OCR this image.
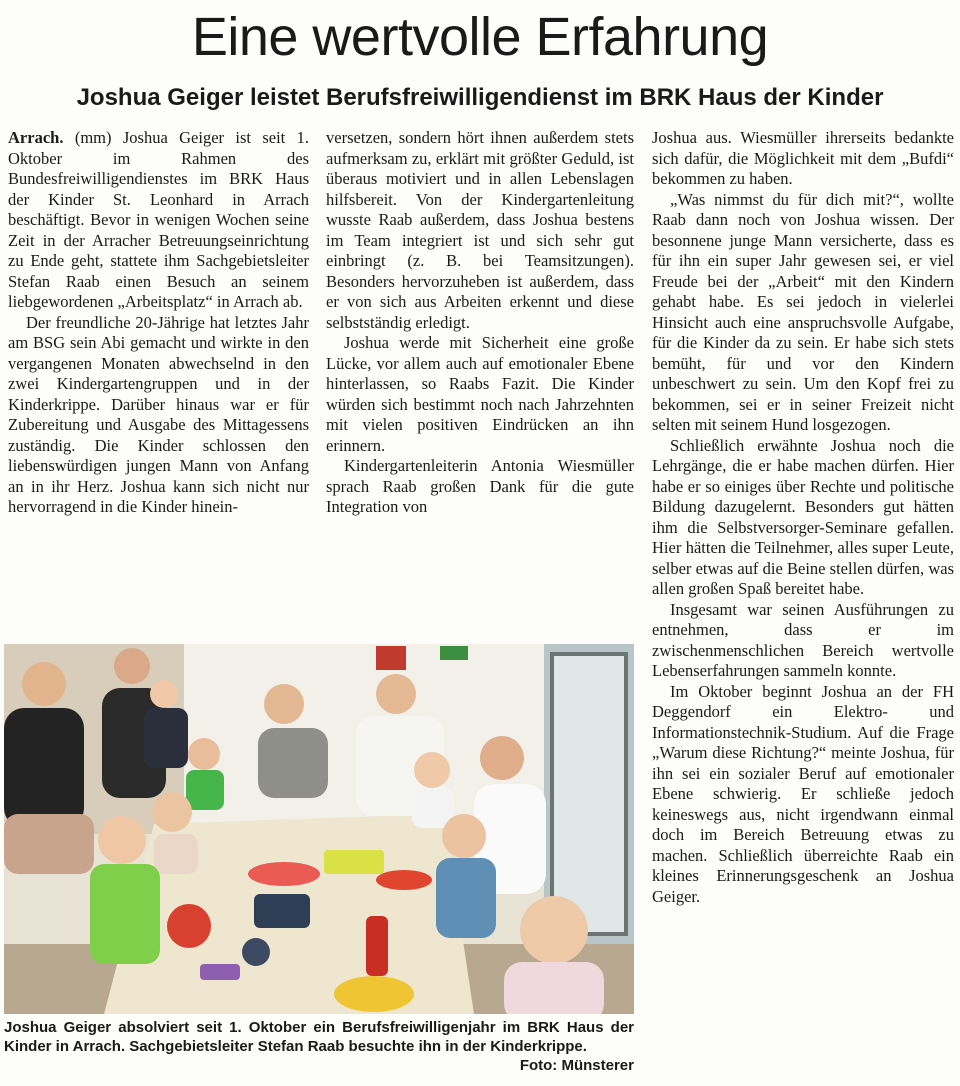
Eine wertvolle Erfahrung
Joshua Geiger leistet Berufsfreiwilligendienst im BRK Haus der Kinder

Arrach. (mm) Joshua Geiger ist seit 1. Oktober im Rahmen des Bundesfreiwilligendienstes im BRK Haus der Kinder St. Leonhard in Arrach beschäftigt. Bevor in wenigen Wochen seine Zeit in der Arracher Betreuungseinrichtung zu Ende geht, stattete ihm Sachgebietsleiter Stefan Raab einen Besuch an seinem liebgewordenen „Arbeitsplatz“ in Arrach ab.

Der freundliche 20-Jährige hat letztes Jahr am BSG sein Abi gemacht und wirkte in den vergangenen Monaten abwechselnd in den zwei Kindergartengruppen und in der Kinderkrippe. Darüber hinaus war er für Zubereitung und Ausgabe des Mittagessens zuständig. Die Kinder schlossen den liebenswürdigen jungen Mann von Anfang an in ihr Herz. Joshua kann sich nicht nur hervorragend in die Kinder hinein-

versetzen, sondern hört ihnen außerdem stets aufmerksam zu, erklärt mit größter Geduld, ist überaus motiviert und in allen Lebenslagen hilfsbereit. Von der Kindergartenleitung wusste Raab außerdem, dass Joshua bestens im Team integriert ist und sich sehr gut einbringt (z. B. bei Teamsitzungen). Besonders hervorzuheben ist außerdem, dass er von sich aus Arbeiten erkennt und diese selbstständig erledigt.

Joshua werde mit Sicherheit eine große Lücke, vor allem auch auf emotionaler Ebene hinterlassen, so Raabs Fazit. Die Kinder würden sich bestimmt noch nach Jahrzehnten mit vielen positiven Eindrücken an ihn erinnern.

Kindergartenleiterin Antonia Wiesmüller sprach Raab großen Dank für die gute Integration von

Joshua aus. Wiesmüller ihrerseits bedankte sich dafür, die Möglichkeit mit dem „Bufdi“ bekommen zu haben.

„Was nimmst du für dich mit?“, wollte Raab dann noch von Joshua wissen. Der besonnene junge Mann versicherte, dass es für ihn ein super Jahr gewesen sei, er viel Freude bei der „Arbeit“ mit den Kindern gehabt habe. Es sei jedoch in vielerlei Hinsicht auch eine anspruchsvolle Aufgabe, für die Kinder da zu sein. Er habe sich stets bemüht, für und vor den Kindern unbeschwert zu sein. Um den Kopf frei zu bekommen, sei er in seiner Freizeit nicht selten mit seinem Hund losgezogen.

Schließlich erwähnte Joshua noch die Lehrgänge, die er habe machen dürfen. Hier habe er so einiges über Rechte und politische Bildung dazugelernt. Besonders gut hätten ihm die Selbstversorger-Seminare gefallen. Hier hätten die Teilnehmer, alles super Leute, selber etwas auf die Beine stellen dürfen, was allen großen Spaß bereitet habe.

Insgesamt war seinen Ausführungen zu entnehmen, dass er im zwischenmenschlichen Bereich wertvolle Lebenserfahrungen sammeln konnte.

Im Oktober beginnt Joshua an der FH Deggendorf ein Elektro- und Informationstechnik-Studium. Auf die Frage „Warum diese Richtung?“ meinte Joshua, für ihn sei ein sozialer Beruf auf emotionaler Ebene schwierig. Er schließe jedoch keineswegs aus, nicht irgendwann einmal doch im Bereich Betreuung etwas zu machen. Schließlich überreichte Raab ein kleines Erinnerungsgeschenk an Joshua Geiger.

Joshua Geiger absolviert seit 1. Oktober ein Berufsfreiwilligenjahr im BRK Haus der Kinder in Arrach. Sachgebietsleiter Stefan Raab besuchte ihn in der Kinderkrippe.
Foto: Münsterer
